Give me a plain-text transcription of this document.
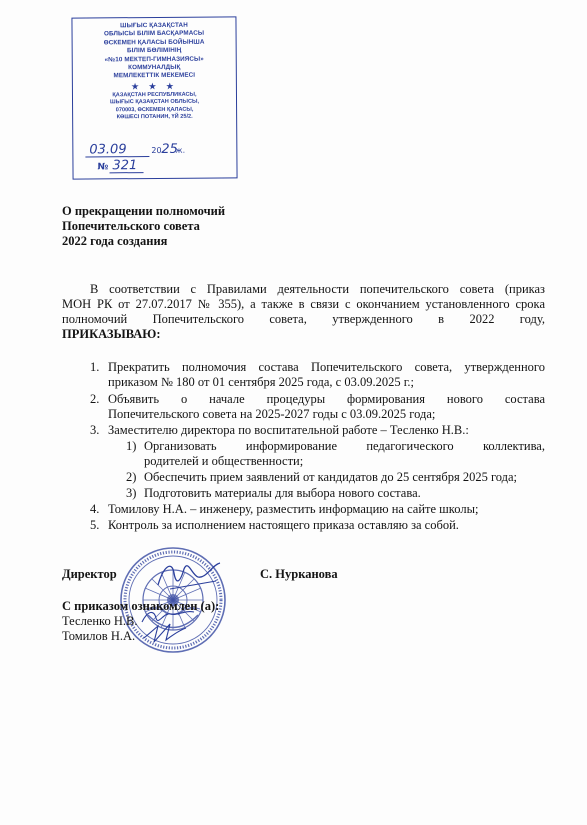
ШЫҒЫС ҚАЗАҚСТАН
ОБЛЫСЫ БІЛІМ БАСҚАРМАСЫ
ӨСКЕМЕН ҚАЛАСЫ БОЙЫНША
БІЛІМ БӨЛІМІНІҢ
«№10 МЕКТЕП-ГИМНАЗИЯСЫ»
КОММУНАЛДЫҚ
МЕМЛЕКЕТТІК МЕКЕМЕСІ
★ ★ ★
ҚАЗАҚСТАН РЕСПУБЛИКАСЫ,
ШЫҒЫС ҚАЗАҚСТАН ОБЛЫСЫ,
070003, ӨСКЕМЕН ҚАЛАСЫ,
КӨШЕСІ ПОТАНИН, ҮЙ 25/2.
03.09	20 25
ж.
№ 321
О прекращении полномочий
Попечительского совета
2022 года создания
В соответствии с Правилами деятельности попечительского совета (приказ
МОН РК от 27.07.2017 № 355), а также в связи с окончанием установленного срока
полномочий Попечительского совета, утвержденного в 2022 году,
ПРИКАЗЫВАЮ:
1. Прекратить полномочия состава Попечительского совета, утвержденного
приказом № 180 от 01 сентября 2025 года, с 03.09.2025 г.;
2. Объявить о начале процедуры формирования нового состава
Попечительского совета на 2025-2027 годы с 03.09.2025 года;
3. Заместителю директора по воспитательной работе – Тесленко Н.В.:
1) Организовать информирование педагогического коллектива,
родителей и общественности;
2) Обеспечить прием заявлений от кандидатов до 25 сентября 2025 года;
3) Подготовить материалы для выбора нового состава.
4. Томилову Н.А. – инженеру, разместить информацию на сайте школы;
5. Контроль за исполнением настоящего приказа оставляю за собой.
Директор	С. Нуркановa
С приказом ознакомлен (а):
Тесленко Н.В.
Томилов Н.А.
